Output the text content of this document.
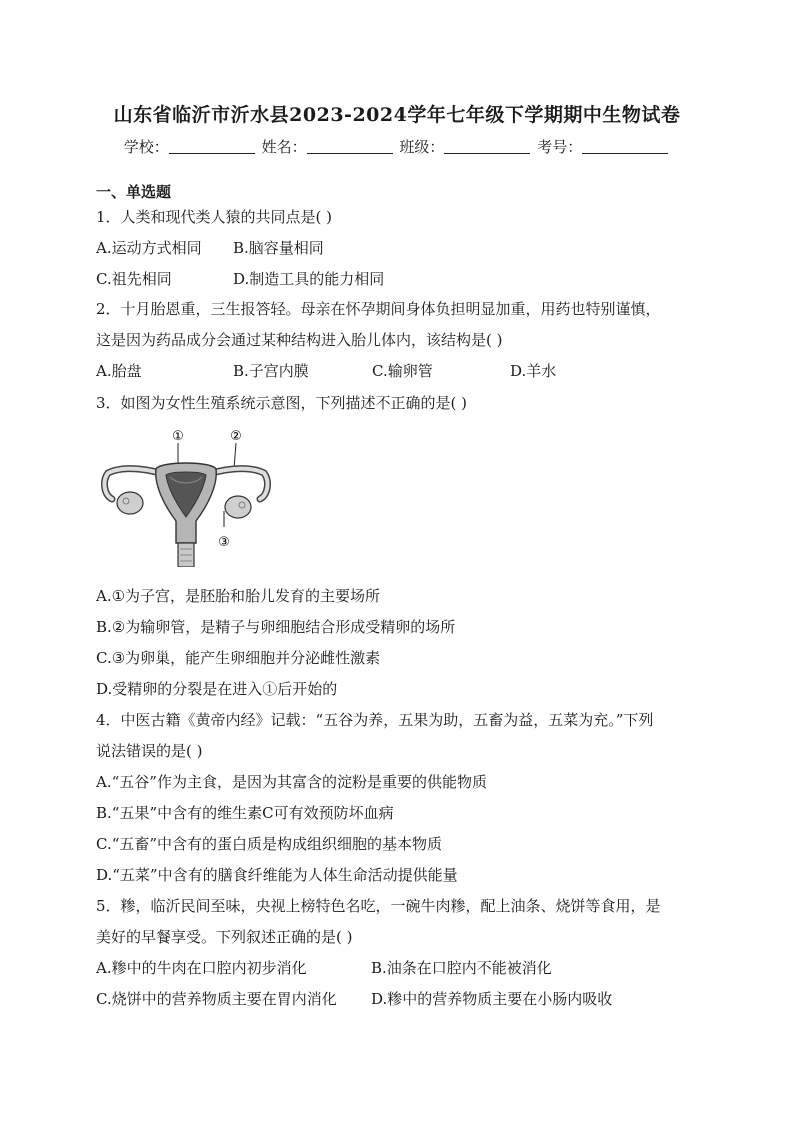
山东省临沂市沂水县2023-2024学年七年级下学期期中生物试卷
学校：	姓名：	班级：	考号：
一、单选题
1．人类和现代类人猿的共同点是( )
A.运动方式相同 B.脑容量相同
C.祖先相同	D.制造工具的能力相同
2．十月胎恩重，三生报答轻。母亲在怀孕期间身体负担明显加重，用药也特别谨慎，
这是因为药品成分会通过某种结构进入胎儿体内，该结构是( )
A.胎盘	B.子宫内膜	C.输卵管	D.羊水
3．如图为女性生殖系统示意图，下列描述不正确的是( )
①	②
③
A.①为子宫，是胚胎和胎儿发育的主要场所
B.②为输卵管，是精子与卵细胞结合形成受精卵的场所
C.③为卵巢，能产生卵细胞并分泌雌性激素
D.受精卵的分裂是在进入①后开始的
4．中医古籍《黄帝内经》记载：“五谷为养，五果为助，五畜为益，五菜为充。”下列
说法错误的是( )
A.“五谷”作为主食，是因为其富含的淀粉是重要的供能物质
B.“五果”中含有的维生素C可有效预防坏血病
C.“五畜”中含有的蛋白质是构成组织细胞的基本物质
D.“五菜”中含有的膳食纤维能为人体生命活动提供能量
5．糁，临沂民间至味，央视上榜特色名吃，一碗牛肉糁，配上油条、烧饼等食用，是
美好的早餐享受。下列叙述正确的是( )
A.糁中的牛肉在口腔内初步消化	B.油条在口腔内不能被消化
C.烧饼中的营养物质主要在胃内消化 D.糁中的营养物质主要在小肠内吸收
